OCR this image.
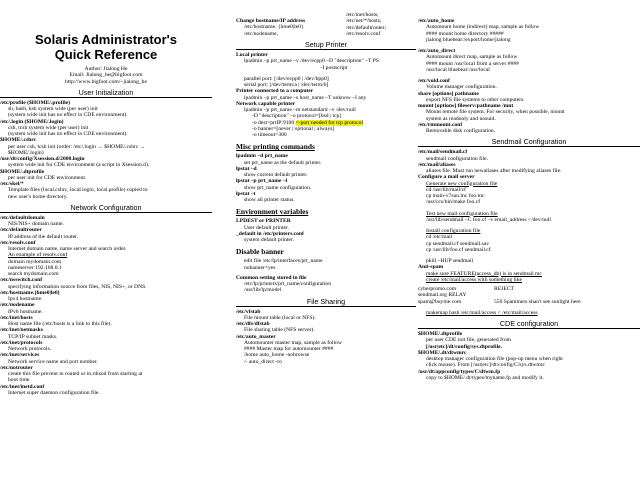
Solaris Administrator's
Quick Reference
Author: Jialong He
Email: Jialong_he@bigfoot.com
http://www.bigfoot.com/~jialong_he
User Initialization
/etc/profile ($HOME/.profile)
sh, bash, ksh system wide (per user) init
(system wide init has no effect in CDE environment).
/etc/.login ($HOME/.login)
csh, tcsh system wide (per user) init
(system wide init has no effect in CDE environment).
$HOME/.cshrc
per user csh, tcsh init (order: /etc/.login → $HOME/.cshrc →
$HOME/.login)
/usr/dt/config/Xsession.d/2000.login
system wide init for CDE environment (a script in Xsession.d).
$HOME/.dtprofile
per user init for CDE environment.
/etc/skel/*
Template files (local.cshrc, local.login, local.profile) copied to
new user's home directory.
Network Configuration
/etc/defaultdomain
NIS/NIS+ domain name.
/etc/defaultrouter
IP address of the default router.
/etc/resolv.conf
Internet domain name, name server and search order.
An example of resolv.conf
domain mydomain.com
nameserver 192.168.0.1
search mydomain.com
/etc/nsswitch.conf
specifying information source from files, NIS, NIS+, or DNS.
/etc/hostname.{hme0|le0}
Ipv4 hostname.
/etc/nodename
IPv6 hostname.
/etc/inet/hosts
Host name file (/etc/hosts is a link to this file).
/etc/inet/netmasks
TCP/IP subnet masks.
/etc/inet/protocols
Network protocols.
/etc/inet/services
Network service name and port number.
/etc/notrouter
create this file prevent in routed or in.rdisod from starting at
boot time.
/etc/inet/inetd.conf
Internet super daemon configuration file.
Change hostname/IP address
/etc/hostname. {hme0|le0}
/etc/nodename,
/etc/inet/hosts;
/etc/net/*/hosts;
/etc/defaultrouter;
/etc/resolv.conf
Setup Printer
Local printer
lpadmin –p prt_name –v /dev/ecpp0 –D "description" –T PS
-I postscript
parallel port: [/dev/ecpp0 | /dev/bpp0]
serial port: [/dev/term/a | /dev/term/b]
Printer connected to a computer
lpadmin –p prt_name –s host_name –T unknow –I any
Network capable printer
lpadmin –p prt_name –m netstandard –v /dev/null
-D "description" –o protocol=[bsd | tcp]
-o dest=prtIP:9100 <-port needed for tcp protocol
-o banner=[never | optional | always]
-o timeout=300
Misc printing commands
lpadmin –d prt_name
set prt_name as the default printer.
lpstat –d
show current default printer.
lpstat –p prt_name –l
show prt_name configuration.
lpstat –t
show all printer status.
Environment variables
LPDEST or PRINTER
User default printer.
_default in /etc/printers.conf
system default printer.
Disable banner
edit file /etc/lp/interfaces/prt_name
nobanner=yes
Common setting stored in file
/etc/lp/printers/prt_name/configuration
/usr/lib/lp/model
File Sharing
/etc/vfstab
File mount table (local or NFS).
/etc/dfs/dfstab
File sharing table (NFS server).
/etc/auto_master
Automounter master map, sample as follow
#### Master map for automounter ####
/home auto_home -nobrowse
/- auto_direct -ro
/etc/auto_home
Automount home (indirect) map, sample as follow
#### mount home directory #####
jialong bluebear:/export/home/jialong
/etc/auto_direct
Automount direct map, sample as follow
#### mount /usr/local from a server ####
/usr/local bluebear:/usr/local
/etc/vold.conf
Volume manager configuration.
share [options] pathname
export NFS file systems to other computers.
mount [options] fileserv:pathname /mnt
Mount remote file system. For security, when possible, mount
system as readonly and nosuid.
/etc/rmmount.conf
Removable disk configuration.
Sendmail Configuration
/etc/mail/sendmail.cf
sendmail configuration file.
/etc/mail/aliases
aliases file. Must run newaliases after modifying aliases file.
Configure a mail server
Generate new configuration file
cd /usr/lib/mail/cf
cp main-v7sun.mc foo.mc
/usr/ccs/bin/make foo.cf
Test new mail configuration file
/usr/lib/sendmail –C foo.cf –v email_address </dev/null
Install configuration file
cd /etc/mail
cp sendmail.cf sendmail.sav
cp /usr/lib/foo.cf sendmail.cf
pkill –HUP sendmail
Anti-spam
make sure FEATURE(access_db) is in sendmail.mc
create /etc/mail/access with something like
cyberpromo.com	REJECT
sendmail.org RELAY
spam@buyme.com	550 Spammers shan't see sunlight here
makemap hash /etc/mail/access < /etc/mail/access
CDE configuration
$HOME/.dtprofile
per user CDE init file, generated from
[/usr|etc]/dt/config/sys.dtprofile.
$HOME/.dt/dtwmrc
desktop manager configuration file (pop-up menu when right
click mouse). From [/usr|etc]/dt/config/C/sys.dtwmrc
/usr/dt/appconfig/types/C/dtwm.fp
copy to $HOME/.dt/types/myname.fp and modify it.
